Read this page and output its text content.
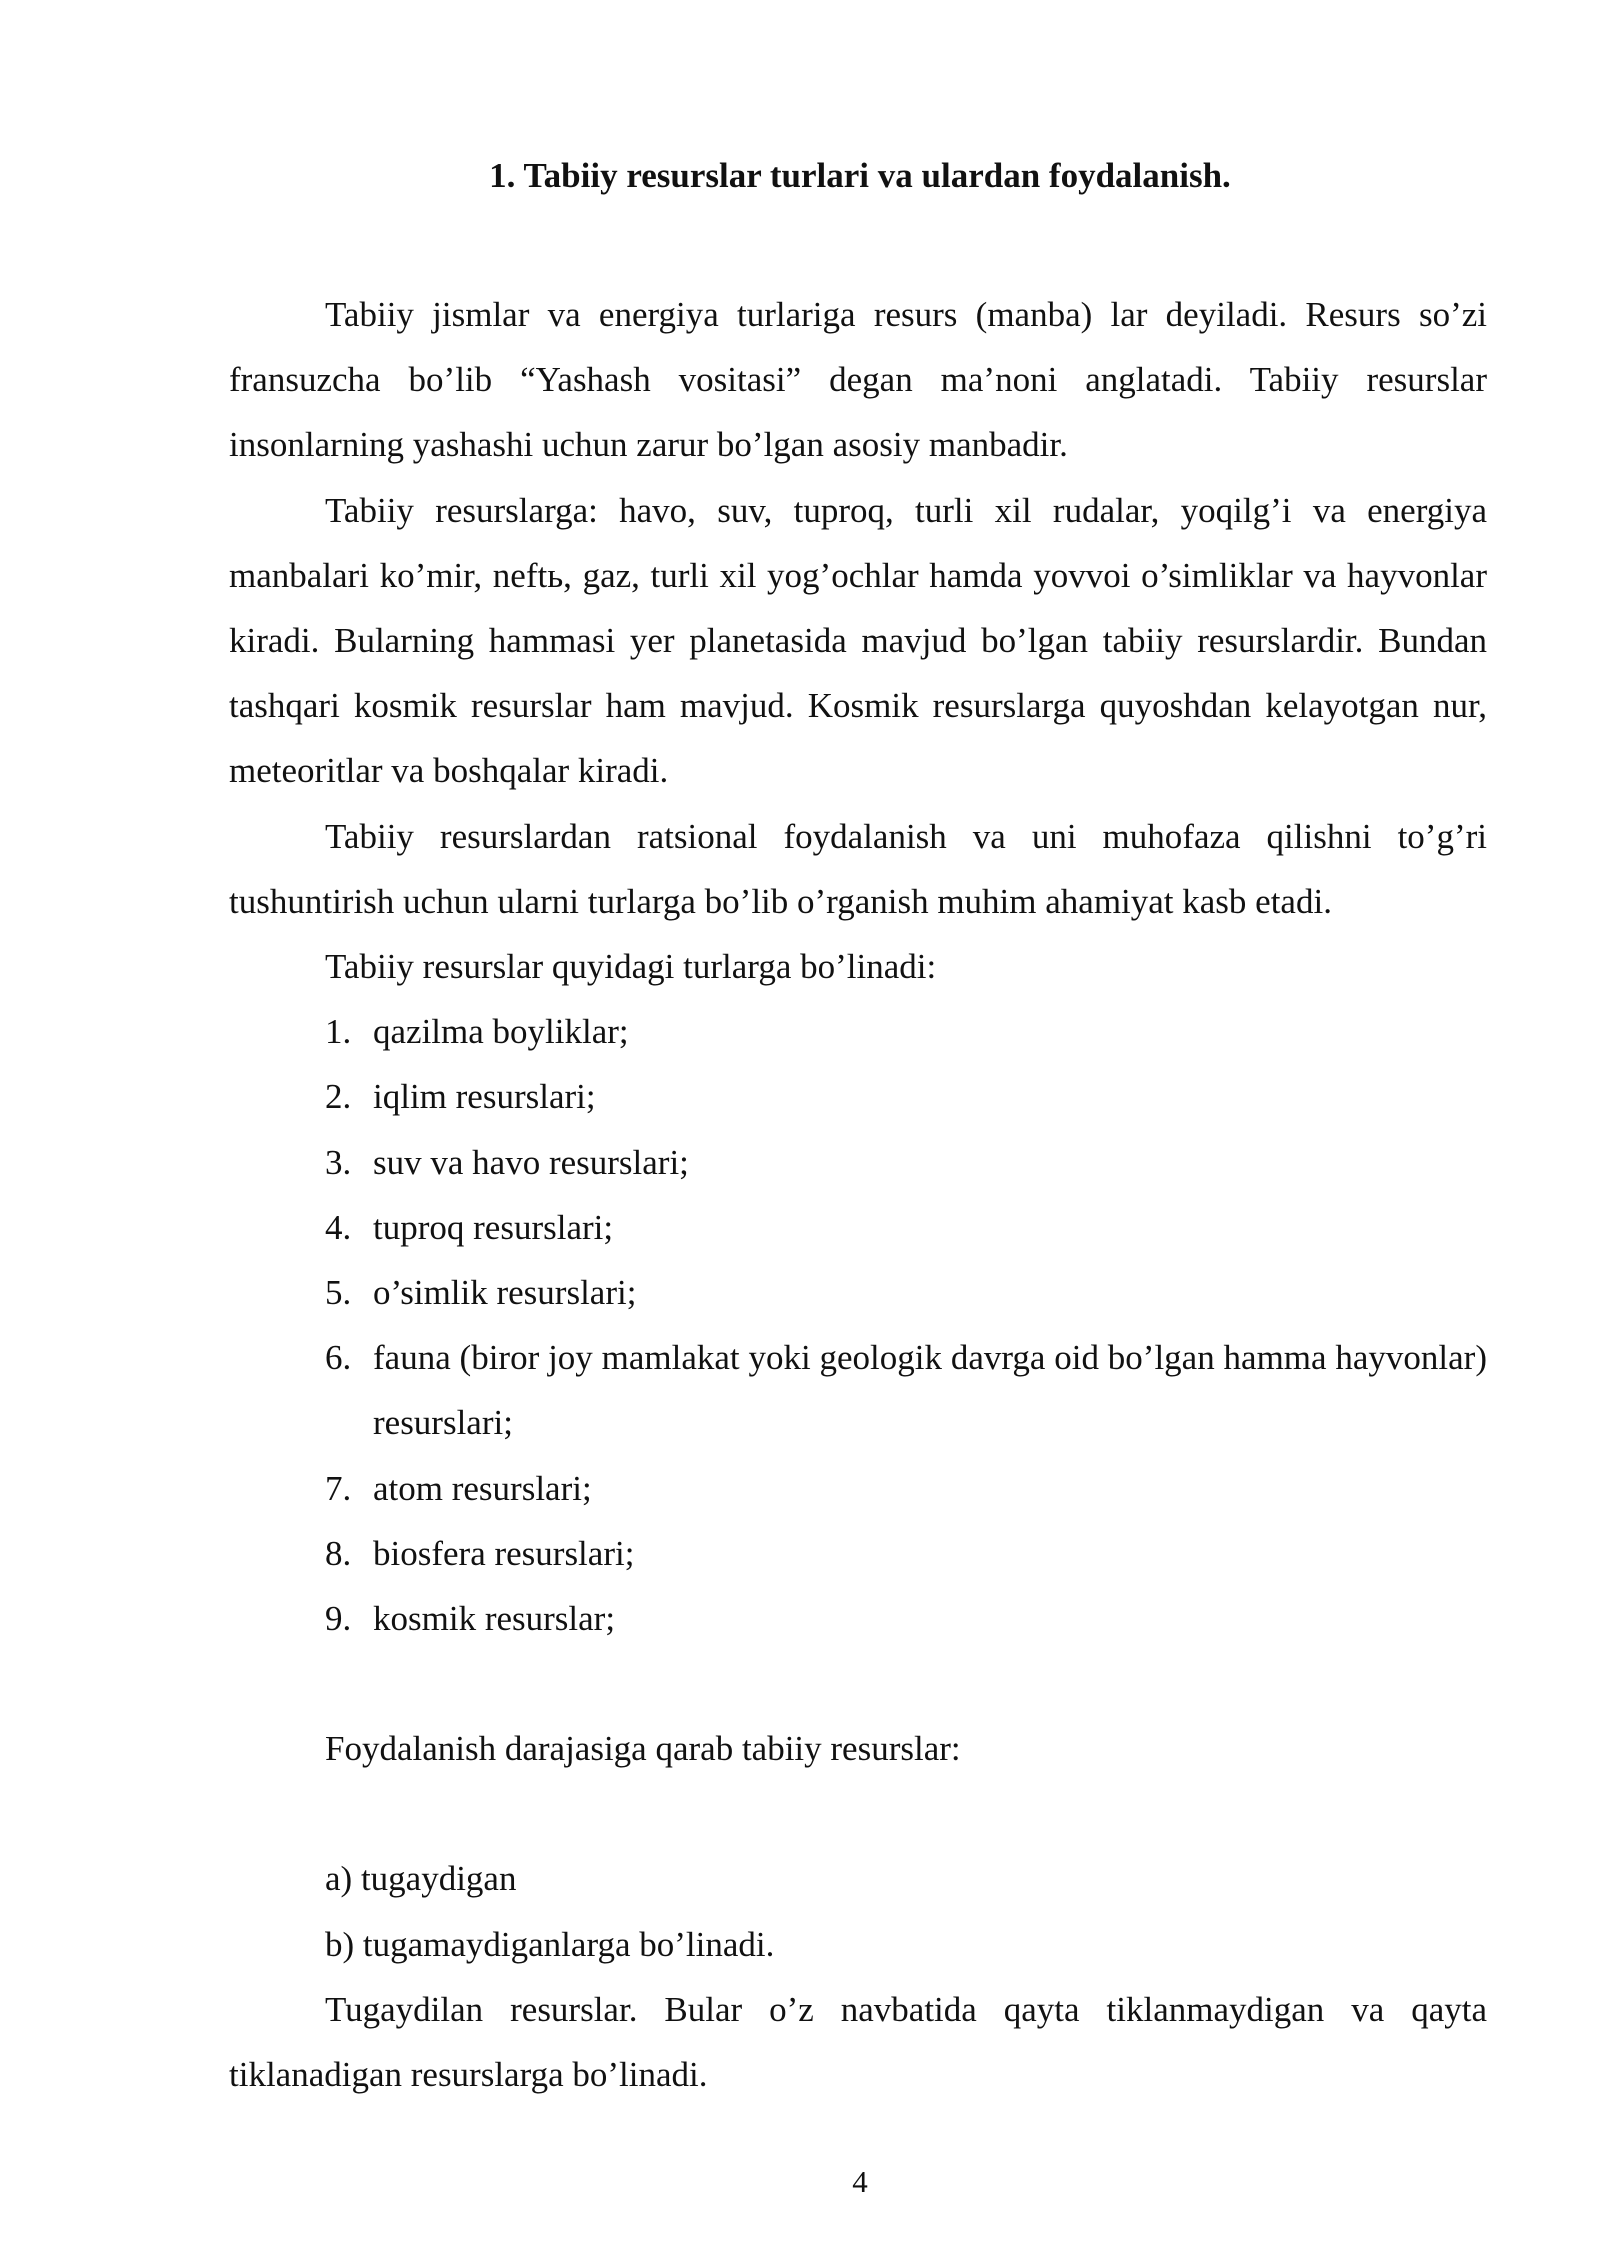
1. Tabiiy resurslar turlari va ulardan foydalanish.

Tabiiy jismlar va energiya turlariga resurs (manba) lar deyiladi. Resurs so’zi fransuzcha bo’lib “Yashash vositasi” degan ma’noni anglatadi. Tabiiy resurslar insonlarning yashashi uchun zarur bo’lgan asosiy manbadir.

Tabiiy resurslarga: havo, suv, tuproq, turli xil rudalar, yoqilg’i va energiya manbalari ko’mir, neftь, gaz, turli xil yog’ochlar hamda yovvoi o’simliklar va hayvonlar kiradi. Bularning hammasi yer planetasida mavjud bo’lgan tabiiy resurslardir. Bundan tashqari kosmik resurslar ham mavjud. Kosmik resurslarga quyoshdan kelayotgan nur, meteoritlar va boshqalar kiradi.

Tabiiy resurslardan ratsional foydalanish va uni muhofaza qilishni to’g’ri tushuntirish uchun ularni turlarga bo’lib o’rganish muhim ahamiyat kasb etadi.

Tabiiy resurslar quyidagi turlarga bo’linadi:

1. qazilma boyliklar;
2. iqlim resurslari;
3. suv va havo resurslari;
4. tuproq resurslari;
5. o’simlik resurslari;
6. fauna (biror joy mamlakat yoki geologik davrga oid bo’lgan hamma hayvonlar) resurslari;
7. atom resurslari;
8. biosfera resurslari;
9. kosmik resurslar;

Foydalanish darajasiga qarab tabiiy resurslar:

a) tugaydigan

b) tugamaydiganlarga bo’linadi.

Tugaydilan resurslar. Bular o’z navbatida qayta tiklanmaydigan va qayta tiklanadigan resurslarga bo’linadi.

4
